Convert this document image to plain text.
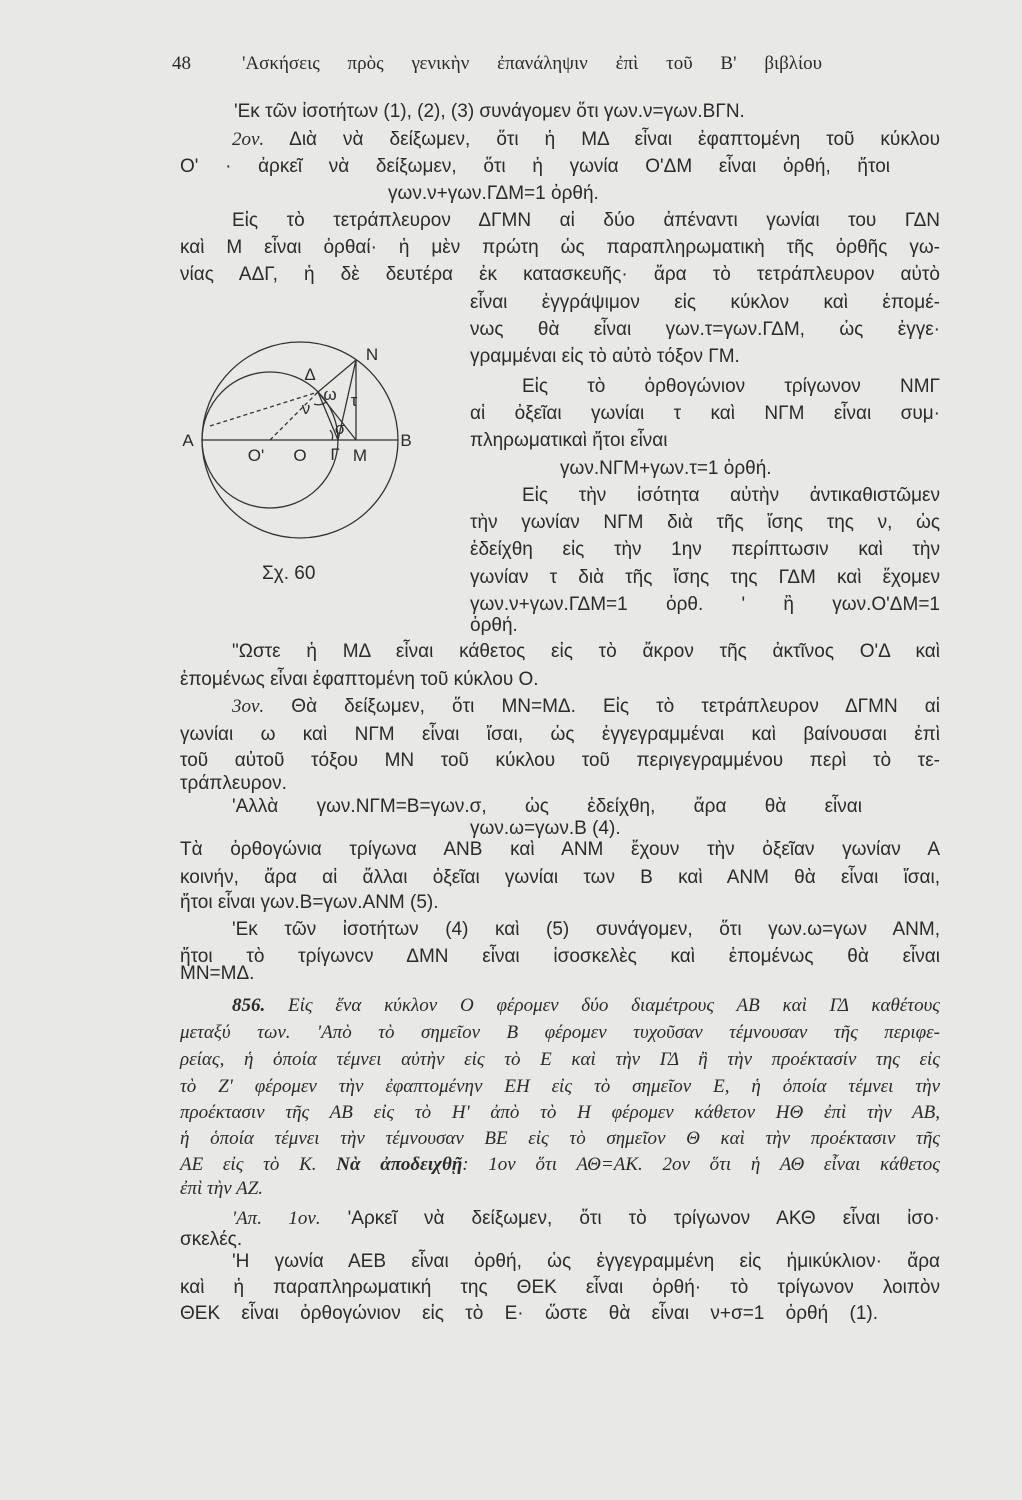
48	'Ασκήσεις πρὸς γενικὴν ἐπανάληψιν ἐπὶ τοῦ Β' βιβλίου
'Εκ τῶν ἰσοτήτων (1), (2), (3) συνάγομεν ὅτι γων.ν=γων.ΒΓΝ.
2ον. Διὰ νὰ δείξωμεν, ὅτι ἡ ΜΔ εἶναι ἐφαπτομένη τοῦ κύκλου
Ο' · ἀρκεῖ νὰ δείξωμεν, ὅτι ἡ γωνία Ο'ΔΜ εἶναι ὀρθή, ἤτοι
γων.ν+γων.ΓΔΜ=1 ὀρθή.
Εἰς τὸ τετράπλευρον ΔΓΜΝ αἱ δύο ἀπέναντι γωνίαι του ΓΔΝ
καὶ Μ εἶναι ὀρθαί· ἡ μὲν πρώτη ὡς παραπληρωματικὴ τῆς ὀρθῆς γω-
νίας ΑΔΓ, ἡ δὲ δευτέρα ἐκ κατασκευῆς· ἄρα τὸ τετράπλευρον αὐτὸ
εἶναι ἐγγράψιμον εἰς κύκλον καὶ ἑπομέ-
νως θὰ εἶναι γων.τ=γων.ΓΔΜ, ὡς ἐγγε·
γραμμέναι εἰς τὸ αὐτὸ τόξον ΓΜ.
Εἰς τὸ ὀρθογώνιον τρίγωνον ΝΜΓ
αἱ ὀξεῖαι γωνίαι τ καὶ ΝΓΜ εἶναι συμ·
πληρωματικαὶ ἤτοι εἶναι
γων.ΝΓΜ+γων.τ=1 ὀρθή.
Εἰς τὴν ἰσότητα αὐτὴν ἀντικαθιστῶμεν
τὴν γωνίαν ΝΓΜ διὰ τῆς ἴσης της ν, ὡς
ἐδείχθη εἰς τὴν 1ην περίπτωσιν καὶ τὴν
γωνίαν τ διὰ τῆς ἴσης της ΓΔΜ καὶ ἔχομεν
γων.ν+γων.ΓΔΜ=1 ὀρθ. ' ἢ γων.Ο'ΔΜ=1
ὀρθή.
"Ωστε ἡ ΜΔ εἶναι κάθετος εἰς τὸ ἄκρον τῆς ἀκτῖνος Ο'Δ καὶ
ἑπομένως εἶναι ἐφαπτομένη τοῦ κύκλου Ο.
3ον. Θὰ δείξωμεν, ὅτι ΜΝ=ΜΔ. Εἰς τὸ τετράπλευρον ΔΓΜΝ αἱ
γωνίαι ω καὶ ΝΓΜ εἶναι ἴσαι, ὡς ἐγγεγραμμέναι καὶ βαίνουσαι ἐπὶ
τοῦ αὐτοῦ τόξου ΜΝ τοῦ κύκλου τοῦ περιγεγραμμένου περὶ τὸ τε-
τράπλευρον.
'Αλλὰ γων.ΝΓΜ=Β=γων.σ, ὡς ἐδείχθη, ἄρα θὰ εἶναι
γων.ω=γων.Β (4).
Τὰ ὀρθογώνια τρίγωνα ΑΝΒ καὶ ΑΝΜ ἔχουν τὴν ὀξεῖαν γωνίαν Α
κοινήν, ἄρα αἱ ἄλλαι ὀξεῖαι γωνίαι των Β καὶ ΑΝΜ θὰ εἶναι ἴσαι,
ἤτοι εἶναι γων.Β=γων.ΑΝΜ (5).
'Εκ τῶν ἰσοτήτων (4) καὶ (5) συνάγομεν, ὅτι γων.ω=γων ΑΝΜ,
ἤτοι τὸ τρίγωνcν ΔΜΝ εἶναι ἰσοσκελὲς καὶ ἑπομένως θὰ εἶναι
ΜΝ=ΜΔ.
856. Εἰς ἕνα κύκλον Ο φέρομεν δύο διαμέτρους ΑΒ καὶ ΓΔ καθέτους
μεταξύ των. 'Απὸ τὸ σημεῖον Β φέρομεν τυχοῦσαν τέμνουσαν τῆς περιφε-
ρείας, ἡ ὁποία τέμνει αὐτὴν εἰς τὸ Ε καὶ τὴν ΓΔ ἢ τὴν προέκτασίν της εἰς
τὸ Ζ' φέρομεν τὴν ἐφαπτομένην ΕΗ εἰς τὸ σημεῖον Ε, ἡ ὁποία τέμνει τὴν
προέκτασιν τῆς ΑΒ εἰς τὸ Η' ἀπὸ τὸ Η φέρομεν κάθετον ΗΘ ἐπὶ τὴν ΑΒ,
ἡ ὁποία τέμνει τὴν τέμνουσαν ΒΕ εἰς τὸ σημεῖον Θ καὶ τὴν προέκτασιν τῆς
ΑΕ εἰς τὸ Κ. Νὰ ἀποδειχθῇ: 1ον ὅτι ΑΘ=ΑΚ. 2ον ὅτι ἡ ΑΘ εἶναι κάθετος
ἐπὶ τὴν ΑΖ.
'Απ. 1ον. 'Αρκεῖ νὰ δείξωμεν, ὅτι τὸ τρίγωνον ΑΚΘ εἶναι ἰσο·
σκελές.
'Η γωνία ΑΕΒ εἶναι ὀρθή, ὡς ἐγγεγραμμένη εἰς ἡμικύκλιον· ἄρα
καὶ ἡ παραπληρωματική της ΘΕΚ εἶναι ὀρθή· τὸ τρίγωνον λοιπὸν
ΘΕΚ εἶναι ὀρθογώνιον εἰς τὸ Ε· ὥστε θὰ εἶναι ν+σ=1 ὀρθή (1).
N
Δ
ω τ
ν
σ
A
O' O Γ M
B
Σχ. 60
